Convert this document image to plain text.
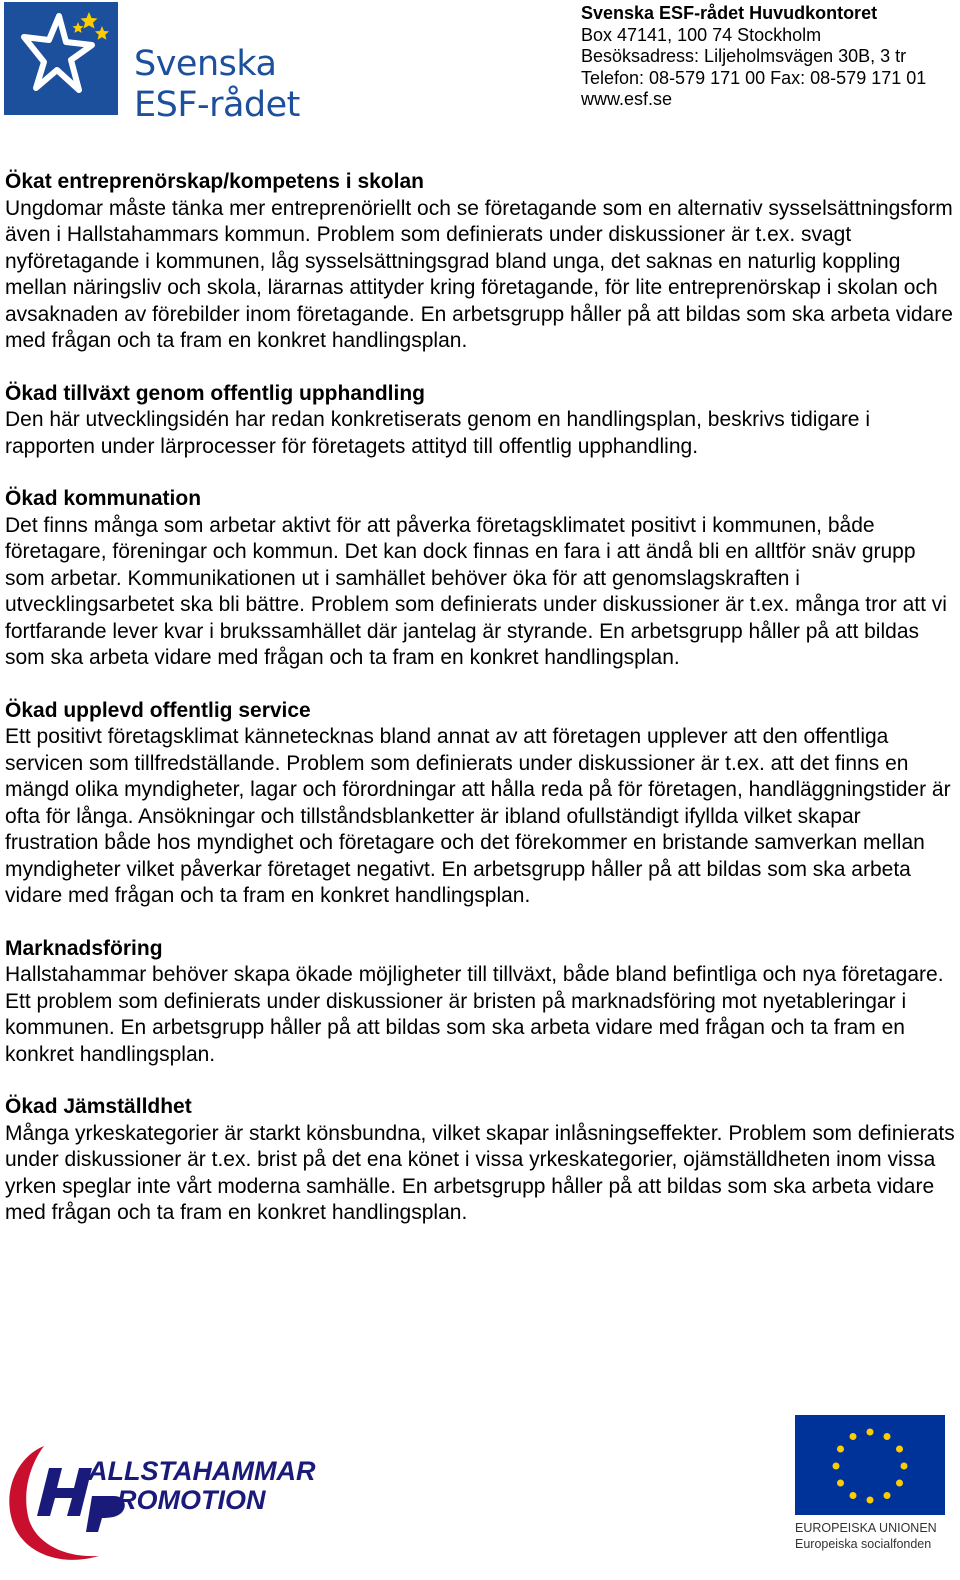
Svenska
ESF-rådet
Svenska ESF-rådet Huvudkontoret
Box 47141, 100 74 Stockholm
Besöksadress: Liljeholmsvägen 30B, 3 tr
Telefon: 08-579 171 00 Fax: 08-579 171 01
www.esf.se
Ökat entreprenörskap/kompetens i skolan

Ungdomar måste tänka mer entreprenöriellt och se företagande som en alternativ sysselsättningsform även i Hallstahammars kommun. Problem som definierats under diskussioner är t.ex. svagt nyföretagande i kommunen, låg sysselsättningsgrad bland unga, det saknas en naturlig koppling mellan näringsliv och skola, lärarnas attityder kring företagande, för lite entreprenörskap i skolan och avsaknaden av förebilder inom företagande. En arbetsgrupp håller på att bildas som ska arbeta vidare med frågan och ta fram en konkret handlingsplan.

Ökad tillväxt genom offentlig upphandling

Den här utvecklingsidén har redan konkretiserats genom en handlingsplan, beskrivs tidigare i rapporten under lärprocesser för företagets attityd till offentlig upphandling.

Ökad kommunation

Det finns många som arbetar aktivt för att påverka företagsklimatet positivt i kommunen, både företagare, föreningar och kommun. Det kan dock finnas en fara i att ändå bli en alltför snäv grupp som arbetar. Kommunikationen ut i samhället behöver öka för att genomslagskraften i utvecklingsarbetet ska bli bättre. Problem som definierats under diskussioner är t.ex. många tror att vi fortfarande lever kvar i brukssamhället där jantelag är styrande. En arbetsgrupp håller på att bildas som ska arbeta vidare med frågan och ta fram en konkret handlingsplan.

Ökad upplevd offentlig service

Ett positivt företagsklimat kännetecknas bland annat av att företagen upplever att den offentliga servicen som tillfredställande. Problem som definierats under diskussioner är t.ex. att det finns en mängd olika myndigheter, lagar och förordningar att hålla reda på för företagen, handläggningstider är ofta för långa. Ansökningar och tillståndsblanketter är ibland ofullständigt ifyllda vilket skapar frustration både hos myndighet och företagare och det förekommer en bristande samverkan mellan myndigheter vilket påverkar företaget negativt. En arbetsgrupp håller på att bildas som ska arbeta vidare med frågan och ta fram en konkret handlingsplan.

Marknadsföring

Hallstahammar behöver skapa ökade möjligheter till tillväxt, både bland befintliga och nya företagare. Ett problem som definierats under diskussioner är bristen på marknadsföring mot nyetableringar i kommunen. En arbetsgrupp håller på att bildas som ska arbeta vidare med frågan och ta fram en konkret handlingsplan.

Ökad Jämställdhet

Många yrkeskategorier är starkt könsbundna, vilket skapar inlåsningseffekter. Problem som definierats under diskussioner är t.ex. brist på det ena könet i vissa yrkeskategorier, ojämställdheten inom vissa yrken speglar inte vårt moderna samhälle. En arbetsgrupp håller på att bildas som ska arbeta vidare med frågan och ta fram en konkret handlingsplan.

ALLSTAHAMMAR
ROMOTION
EUROPEISKA UNIONEN
Europeiska socialfonden
